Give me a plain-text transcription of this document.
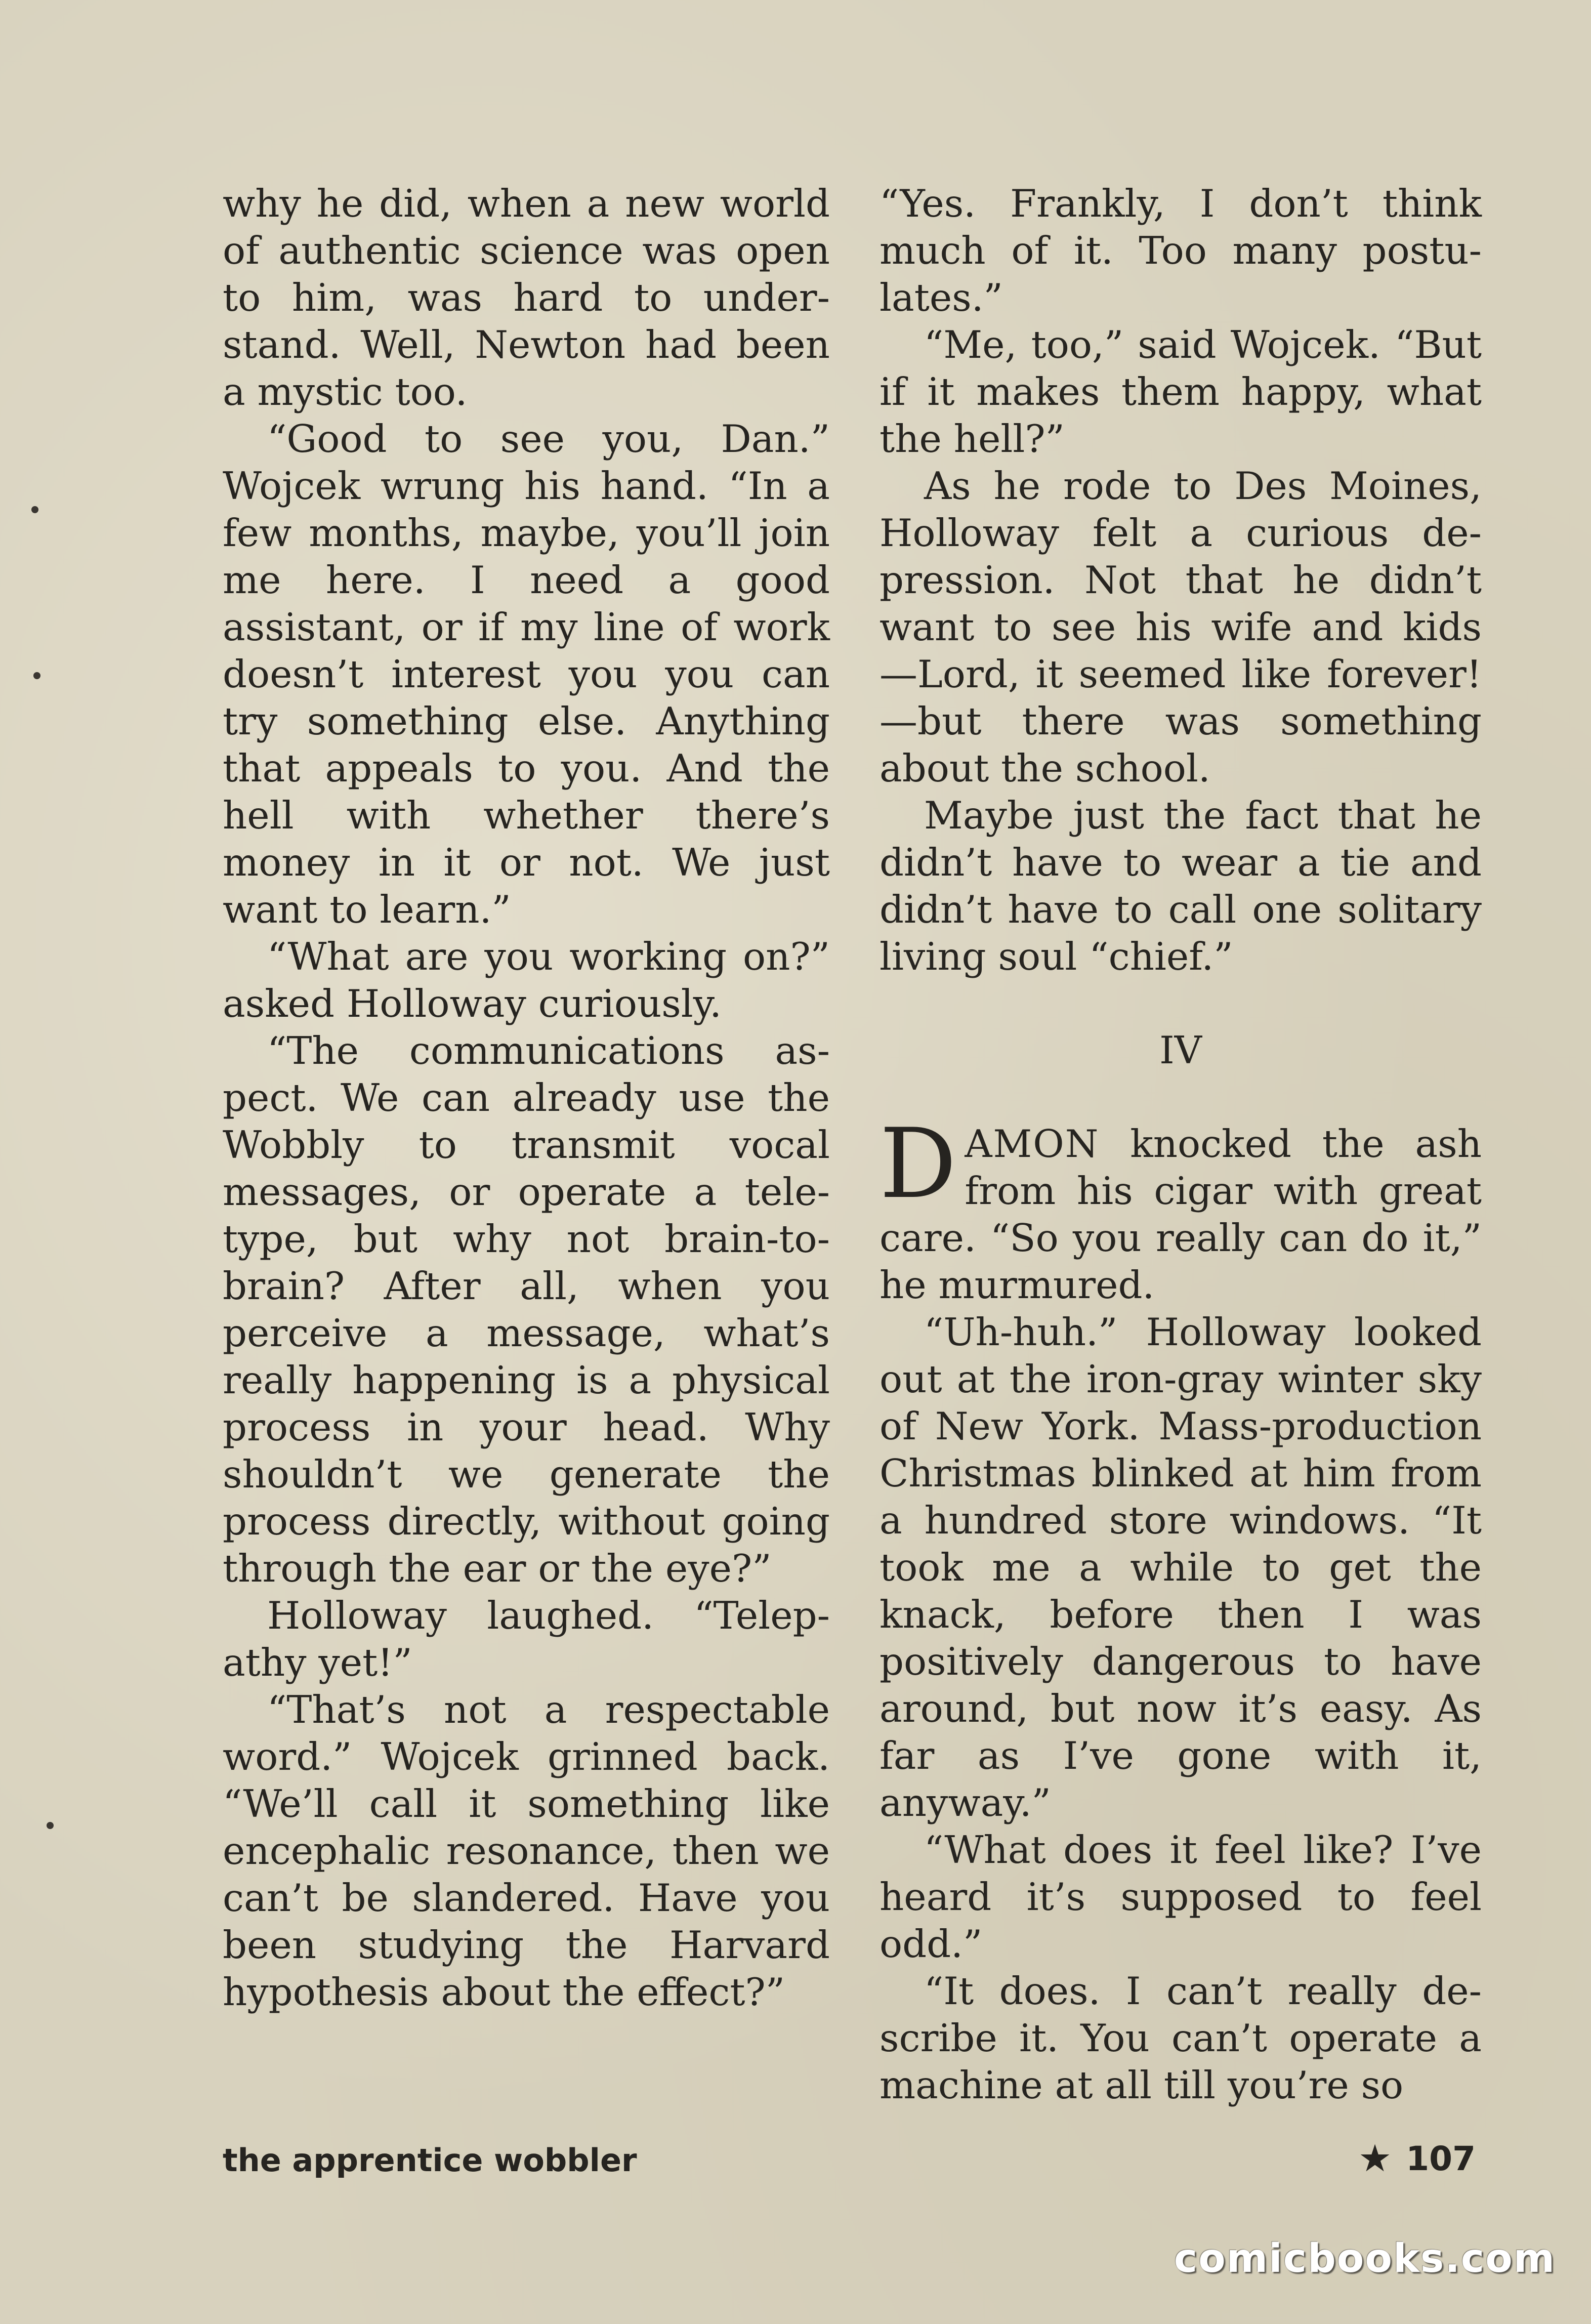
why he did, when a new world of authentic science was open to him, was hard to understand. Well, Newton had been a mystic too.

“Good to see you, Dan.” Wojcek wrung his hand. “In a few months, maybe, you’ll join me here. I need a good assistant, or if my line of work doesn’t interest you you can try something else. Anything that appeals to you. And the hell with whether there’s money in it or not. We just want to learn.”

“What are you working on?” asked Holloway curiously.

“The communications aspect. We can already use the Wobbly to transmit vocal messages, or operate a teletype, but why not brain-to-brain? After all, when you perceive a message, what’s really happening is a physical process in your head. Why shouldn’t we generate the process directly, without going through the ear or the eye?”

Holloway laughed. “Telepathy yet!”

“That’s not a respectable word.” Wojcek grinned back. “We’ll call it something like encephalic resonance, then we can’t be slandered. Have you been studying the Harvard hypothesis about the effect?”

“Yes. Frankly, I don’t think much of it. Too many postulates.”

“Me, too,” said Wojcek. “But if it makes them happy, what the hell?”

As he rode to Des Moines, Holloway felt a curious depression. Not that he didn’t want to see his wife and kids —Lord, it seemed like forever!—but there was something about the school.

Maybe just the fact that he didn’t have to wear a tie and didn’t have to call one solitary living soul “chief.”

IV

DAMON knocked the ash from his cigar with great care. “So you really can do it,” he murmured.

“Uh-huh.” Holloway looked out at the iron-gray winter sky of New York. Mass-production Christmas blinked at him from a hundred store windows. “It took me a while to get the knack, before then I was positively dangerous to have around, but now it’s easy. As far as I’ve gone with it, anyway.”

“What does it feel like? I’ve heard it’s supposed to feel odd.”

“It does. I can’t really describe it. You can’t operate a machine at all till you’re so

the apprentice wobbler	★ 107
comicbooks.com
